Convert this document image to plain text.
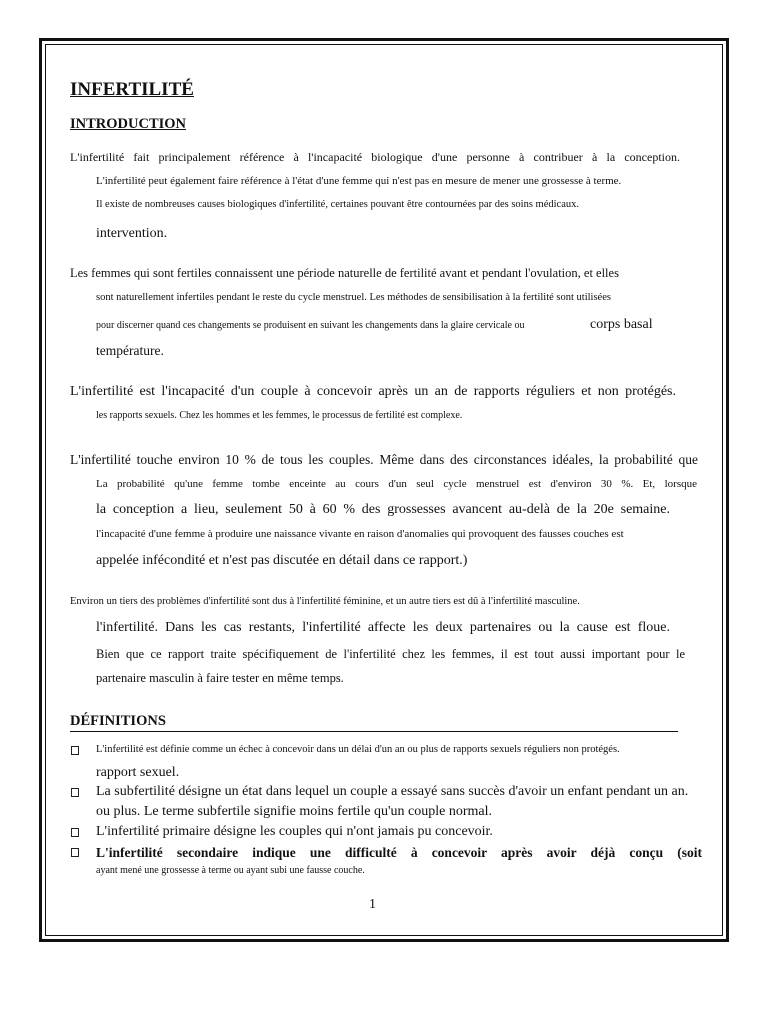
INFERTILITÉ
INTRODUCTION

L'infertilité fait principalement référence à l'incapacité biologique d'une personne à contribuer à la conception.

L'infertilité peut également faire référence à l'état d'une femme qui n'est pas en mesure de mener une grossesse à terme.

Il existe de nombreuses causes biologiques d'infertilité, certaines pouvant être contournées par des soins médicaux.

intervention.

Les femmes qui sont fertiles connaissent une période naturelle de fertilité avant et pendant l'ovulation, et elles

sont naturellement infertiles pendant le reste du cycle menstruel. Les méthodes de sensibilisation à la fertilité sont utilisées

pour discerner quand ces changements se produisent en suivant les changements dans la glaire cervicale ou	corps basal

température.

L'infertilité est l'incapacité d'un couple à concevoir après un an de rapports réguliers et non protégés.

les rapports sexuels. Chez les hommes et les femmes, le processus de fertilité est complexe.

L'infertilité touche environ 10 % de tous les couples. Même dans des circonstances idéales, la probabilité que

La probabilité qu'une femme tombe enceinte au cours d'un seul cycle menstruel est d'environ 30 %. Et, lorsque

la conception a lieu, seulement 50 à 60 % des grossesses avancent au-delà de la 20e semaine.

l'incapacité d'une femme à produire une naissance vivante en raison d'anomalies qui provoquent des fausses couches est

appelée infécondité et n'est pas discutée en détail dans ce rapport.)

Environ un tiers des problèmes d'infertilité sont dus à l'infertilité féminine, et un autre tiers est dû à l'infertilité masculine.

l'infertilité. Dans les cas restants, l'infertilité affecte les deux partenaires ou la cause est floue.

Bien que ce rapport traite spécifiquement de l'infertilité chez les femmes, il est tout aussi important pour le

partenaire masculin à faire tester en même temps.

DÉFINITIONS

L'infertilité est définie comme un échec à concevoir dans un délai d'un an ou plus de rapports sexuels réguliers non protégés.

rapport sexuel.

La subfertilité désigne un état dans lequel un couple a essayé sans succès d'avoir un enfant pendant un an.

ou plus. Le terme subfertile signifie moins fertile qu'un couple normal.

L'infertilité primaire désigne les couples qui n'ont jamais pu concevoir.

L'infertilité secondaire indique une difficulté à concevoir après avoir déjà conçu (soit

ayant mené une grossesse à terme ou ayant subi une fausse couche.

1
